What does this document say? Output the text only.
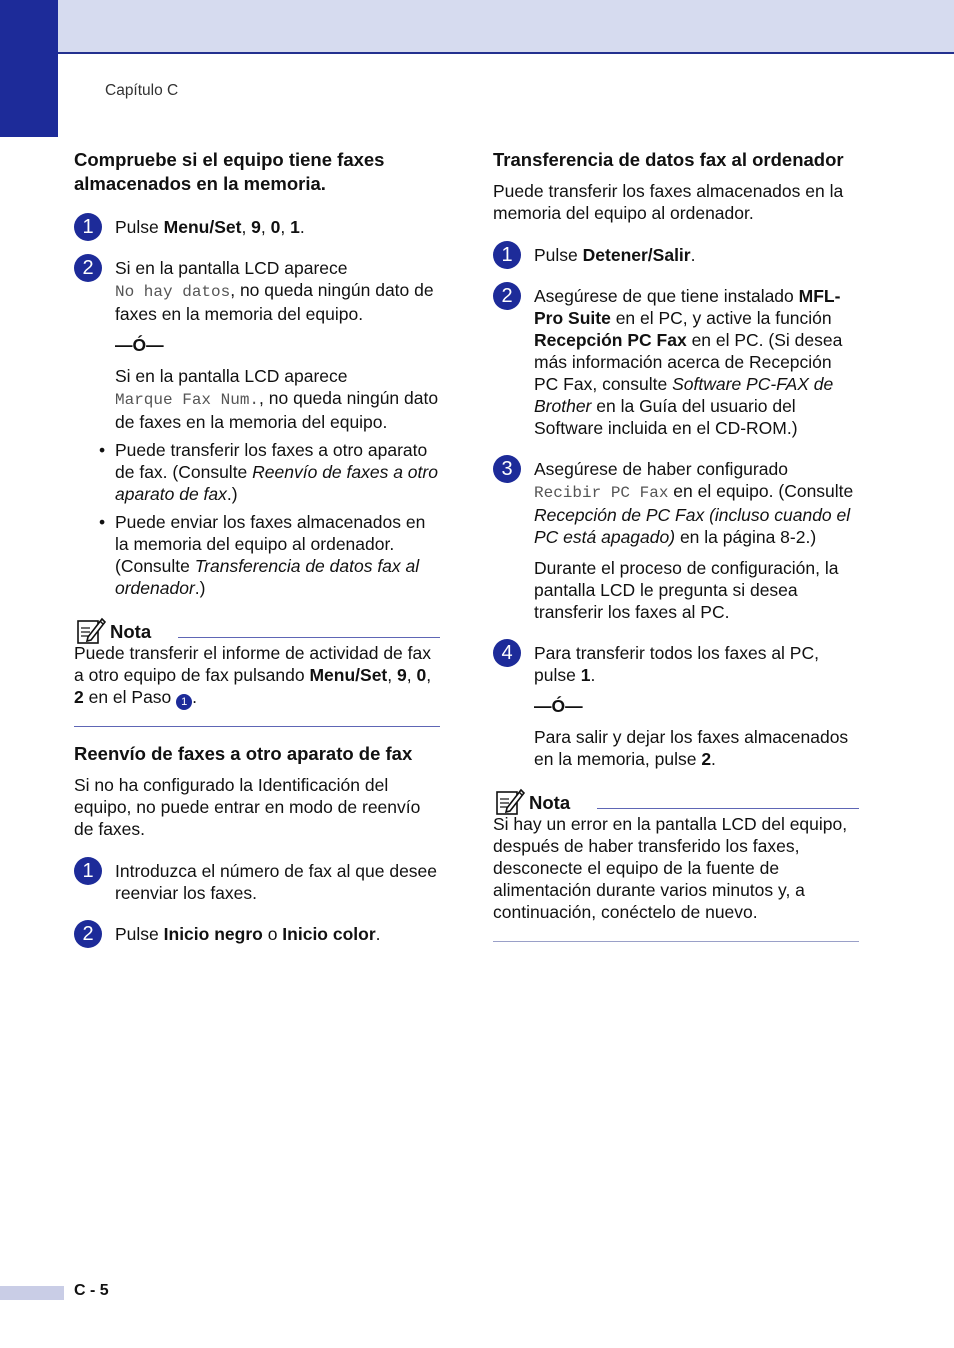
Capítulo C
Compruebe si el equipo tiene faxes almacenados en la memoria.
1	Pulse Menu/Set, 9, 0, 1.

2	Si en la pantalla LCD aparece
No hay datos, no queda ningún dato de faxes en la memoria del equipo.

—Ó—

Si en la pantalla LCD aparece
Marque Fax Num., no queda ningún dato de faxes en la memoria del equipo.

• Puede transferir los faxes a otro aparato de fax. (Consulte Reenvío de faxes a otro aparato de fax.)
• Puede enviar los faxes almacenados en la memoria del equipo al ordenador. (Consulte Transferencia de datos fax al ordenador.)
Nota

Puede transferir el informe de actividad de fax a otro equipo de fax pulsando Menu/Set, 9, 0, 2 en el Paso 1 .

Reenvío de faxes a otro aparato de fax

Si no ha configurado la Identificación del equipo, no puede entrar en modo de reenvío de faxes.

1	Introduzca el número de fax al que desee reenviar los faxes.

2	Pulse Inicio negro o Inicio color.

Transferencia de datos fax al ordenador

Puede transferir los faxes almacenados en la memoria del equipo al ordenador.

1	Pulse Detener/Salir.

2	Asegúrese de que tiene instalado MFL-Pro Suite en el PC, y active la función Recepción PC Fax en el PC. (Si desea más información acerca de Recepción PC Fax, consulte Software PC-FAX de Brother en la Guía del usuario del Software incluida en el CD-ROM.)

3	Asegúrese de haber configurado
Recibir PC Fax en el equipo. (Consulte Recepción de PC Fax (incluso cuando el PC está apagado) en la página 8-2.)

Durante el proceso de configuración, la pantalla LCD le pregunta si desea transferir los faxes al PC.

4	Para transferir todos los faxes al PC, pulse 1.

—Ó—

Para salir y dejar los faxes almacenados en la memoria, pulse 2.

Nota

Si hay un error en la pantalla LCD del equipo, después de haber transferido los faxes, desconecte el equipo de la fuente de alimentación durante varios minutos y, a continuación, conéctelo de nuevo.

C - 5
